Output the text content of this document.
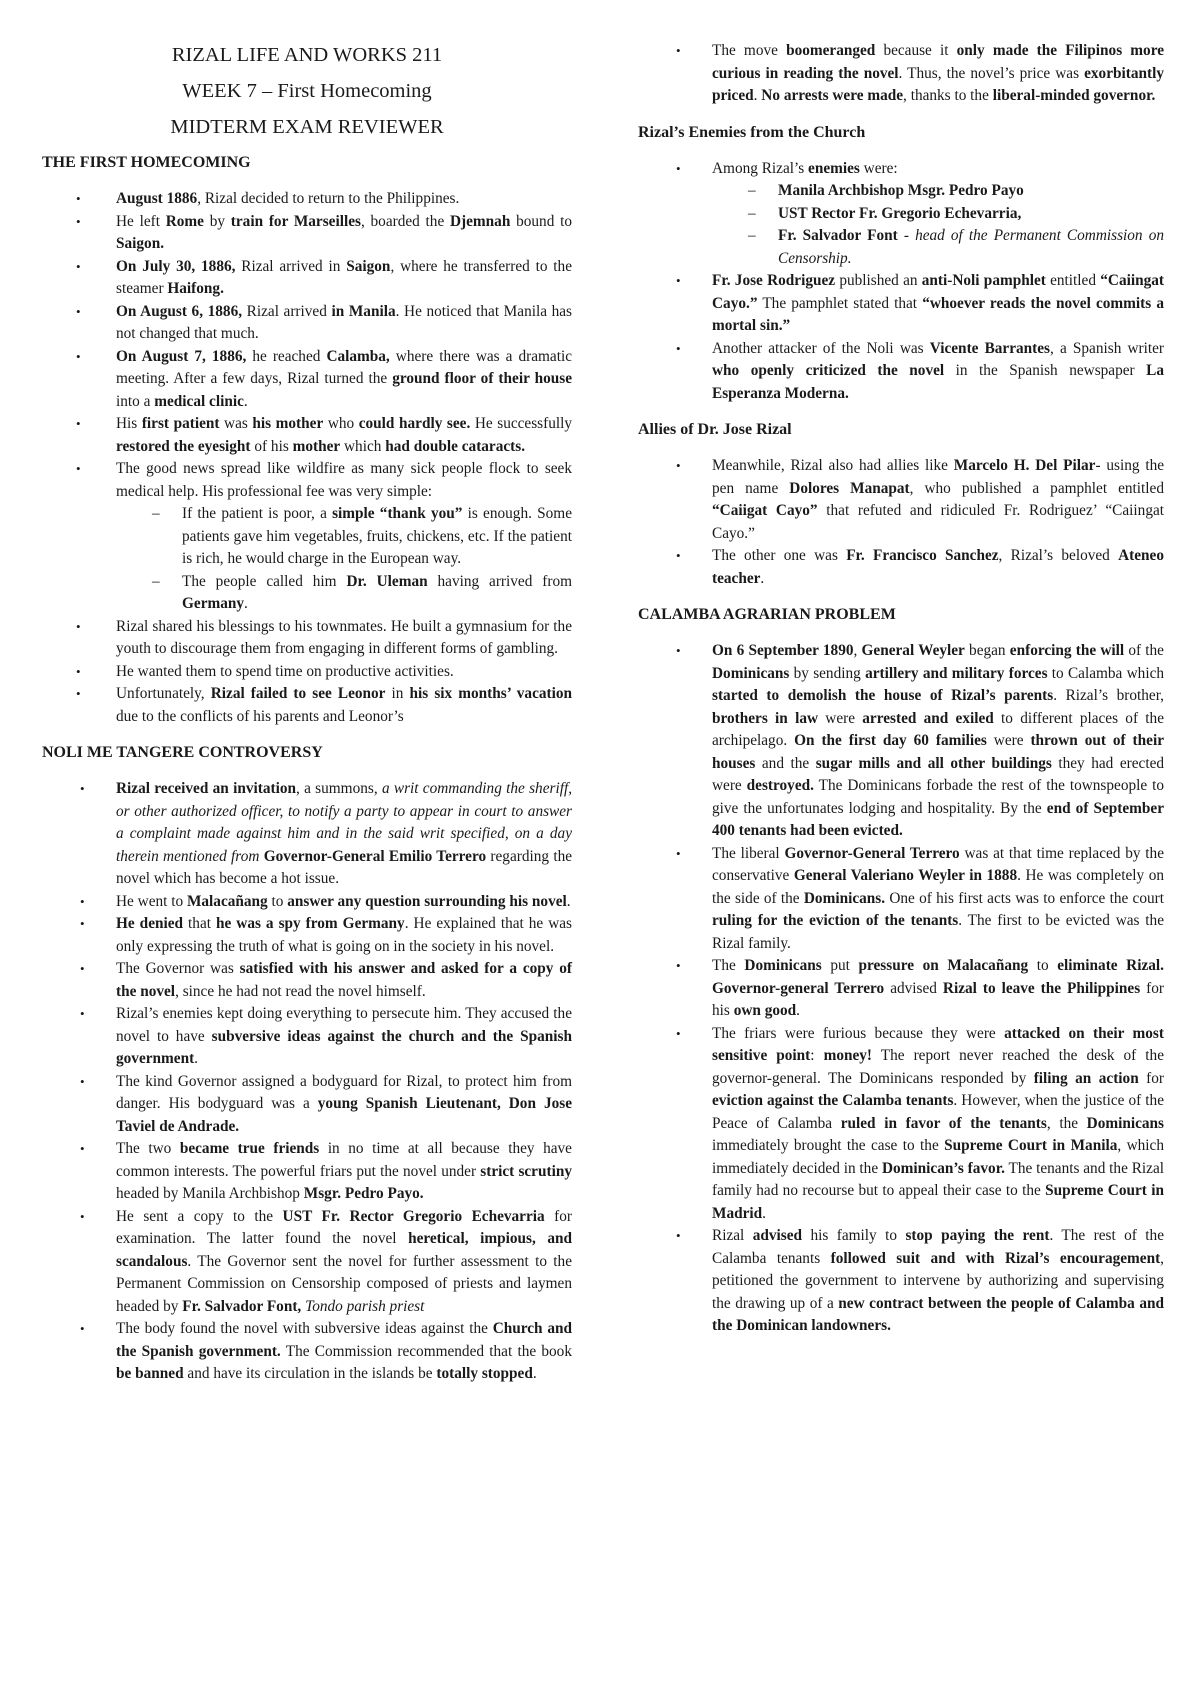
RIZAL LIFE AND WORKS 211
WEEK 7 – First Homecoming
MIDTERM EXAM REVIEWER
THE FIRST HOMECOMING
• August 1886, Rizal decided to return to the Philippines.
• He left Rome by train for Marseilles, boarded the Djemnah bound to Saigon.
• On July 30, 1886, Rizal arrived in Saigon, where he transferred to the steamer Haifong.
• On August 6, 1886, Rizal arrived in Manila. He noticed that Manila has not changed that much.
• On August 7, 1886, he reached Calamba, where there was a dramatic meeting. After a few days, Rizal turned the ground floor of their house into a medical clinic.
• His first patient was his mother who could hardly see. He successfully restored the eyesight of his mother which had double cataracts.
• The good news spread like wildfire as many sick people flock to seek medical help. His professional fee was very simple:
– If the patient is poor, a simple “thank you” is enough. Some patients gave him vegetables, fruits, chickens, etc. If the patient is rich, he would charge in the European way.
– The people called him Dr. Uleman having arrived from Germany.
• Rizal shared his blessings to his townmates. He built a gymnasium for the youth to discourage them from engaging in different forms of gambling.
• He wanted them to spend time on productive activities.
• Unfortunately, Rizal failed to see Leonor in his six months’ vacation due to the conflicts of his parents and Leonor’s
NOLI ME TANGERE CONTROVERSY
• Rizal received an invitation, a summons, a writ commanding the sheriff, or other authorized officer, to notify a party to appear in court to answer a complaint made against him and in the said writ specified, on a day therein mentioned from Governor-General Emilio Terrero regarding the novel which has become a hot issue.
• He went to Malacañang to answer any question surrounding his novel.
• He denied that he was a spy from Germany. He explained that he was only expressing the truth of what is going on in the society in his novel.
• The Governor was satisfied with his answer and asked for a copy of the novel, since he had not read the novel himself.
• Rizal’s enemies kept doing everything to persecute him. They accused the novel to have subversive ideas against the church and the Spanish government.
• The kind Governor assigned a bodyguard for Rizal, to protect him from danger. His bodyguard was a young Spanish Lieutenant, Don Jose Taviel de Andrade.
• The two became true friends in no time at all because they have common interests. The powerful friars put the novel under strict scrutiny headed by Manila Archbishop Msgr. Pedro Payo.
• He sent a copy to the UST Fr. Rector Gregorio Echevarria for examination. The latter found the novel heretical, impious, and scandalous. The Governor sent the novel for further assessment to the Permanent Commission on Censorship composed of priests and laymen headed by Fr. Salvador Font, Tondo parish priest
• The body found the novel with subversive ideas against the Church and the Spanish government. The Commission recommended that the book be banned and have its circulation in the islands be totally stopped.
• The move boomeranged because it only made the Filipinos more curious in reading the novel. Thus, the novel’s price was exorbitantly priced. No arrests were made, thanks to the liberal-minded governor.
Rizal’s Enemies from the Church
• Among Rizal’s enemies were:
– Manila Archbishop Msgr. Pedro Payo
– UST Rector Fr. Gregorio Echevarria,
– Fr. Salvador Font - head of the Permanent Commission on Censorship.
• Fr. Jose Rodriguez published an anti-Noli pamphlet entitled “Caiingat Cayo.” The pamphlet stated that “whoever reads the novel commits a mortal sin.”
• Another attacker of the Noli was Vicente Barrantes, a Spanish writer who openly criticized the novel in the Spanish newspaper La Esperanza Moderna.
Allies of Dr. Jose Rizal
• Meanwhile, Rizal also had allies like Marcelo H. Del Pilar- using the pen name Dolores Manapat, who published a pamphlet entitled “Caiigat Cayo” that refuted and ridiculed Fr. Rodriguez’ “Caiingat Cayo.”
• The other one was Fr. Francisco Sanchez, Rizal’s beloved Ateneo teacher.
CALAMBA AGRARIAN PROBLEM
• On 6 September 1890, General Weyler began enforcing the will of the Dominicans by sending artillery and military forces to Calamba which started to demolish the house of Rizal’s parents. Rizal’s brother, brothers in law were arrested and exiled to different places of the archipelago. On the first day 60 families were thrown out of their houses and the sugar mills and all other buildings they had erected were destroyed. The Dominicans forbade the rest of the townspeople to give the unfortunates lodging and hospitality. By the end of September 400 tenants had been evicted.
• The liberal Governor-General Terrero was at that time replaced by the conservative General Valeriano Weyler in 1888. He was completely on the side of the Dominicans. One of his first acts was to enforce the court ruling for the eviction of the tenants. The first to be evicted was the Rizal family.
• The Dominicans put pressure on Malacañang to eliminate Rizal. Governor-general Terrero advised Rizal to leave the Philippines for his own good.
• The friars were furious because they were attacked on their most sensitive point: money! The report never reached the desk of the governor-general. The Dominicans responded by filing an action for eviction against the Calamba tenants. However, when the justice of the Peace of Calamba ruled in favor of the tenants, the Dominicans immediately brought the case to the Supreme Court in Manila, which immediately decided in the Dominican’s favor. The tenants and the Rizal family had no recourse but to appeal their case to the Supreme Court in Madrid.
• Rizal advised his family to stop paying the rent. The rest of the Calamba tenants followed suit and with Rizal’s encouragement, petitioned the government to intervene by authorizing and supervising the drawing up of a new contract between the people of Calamba and the Dominican landowners.
